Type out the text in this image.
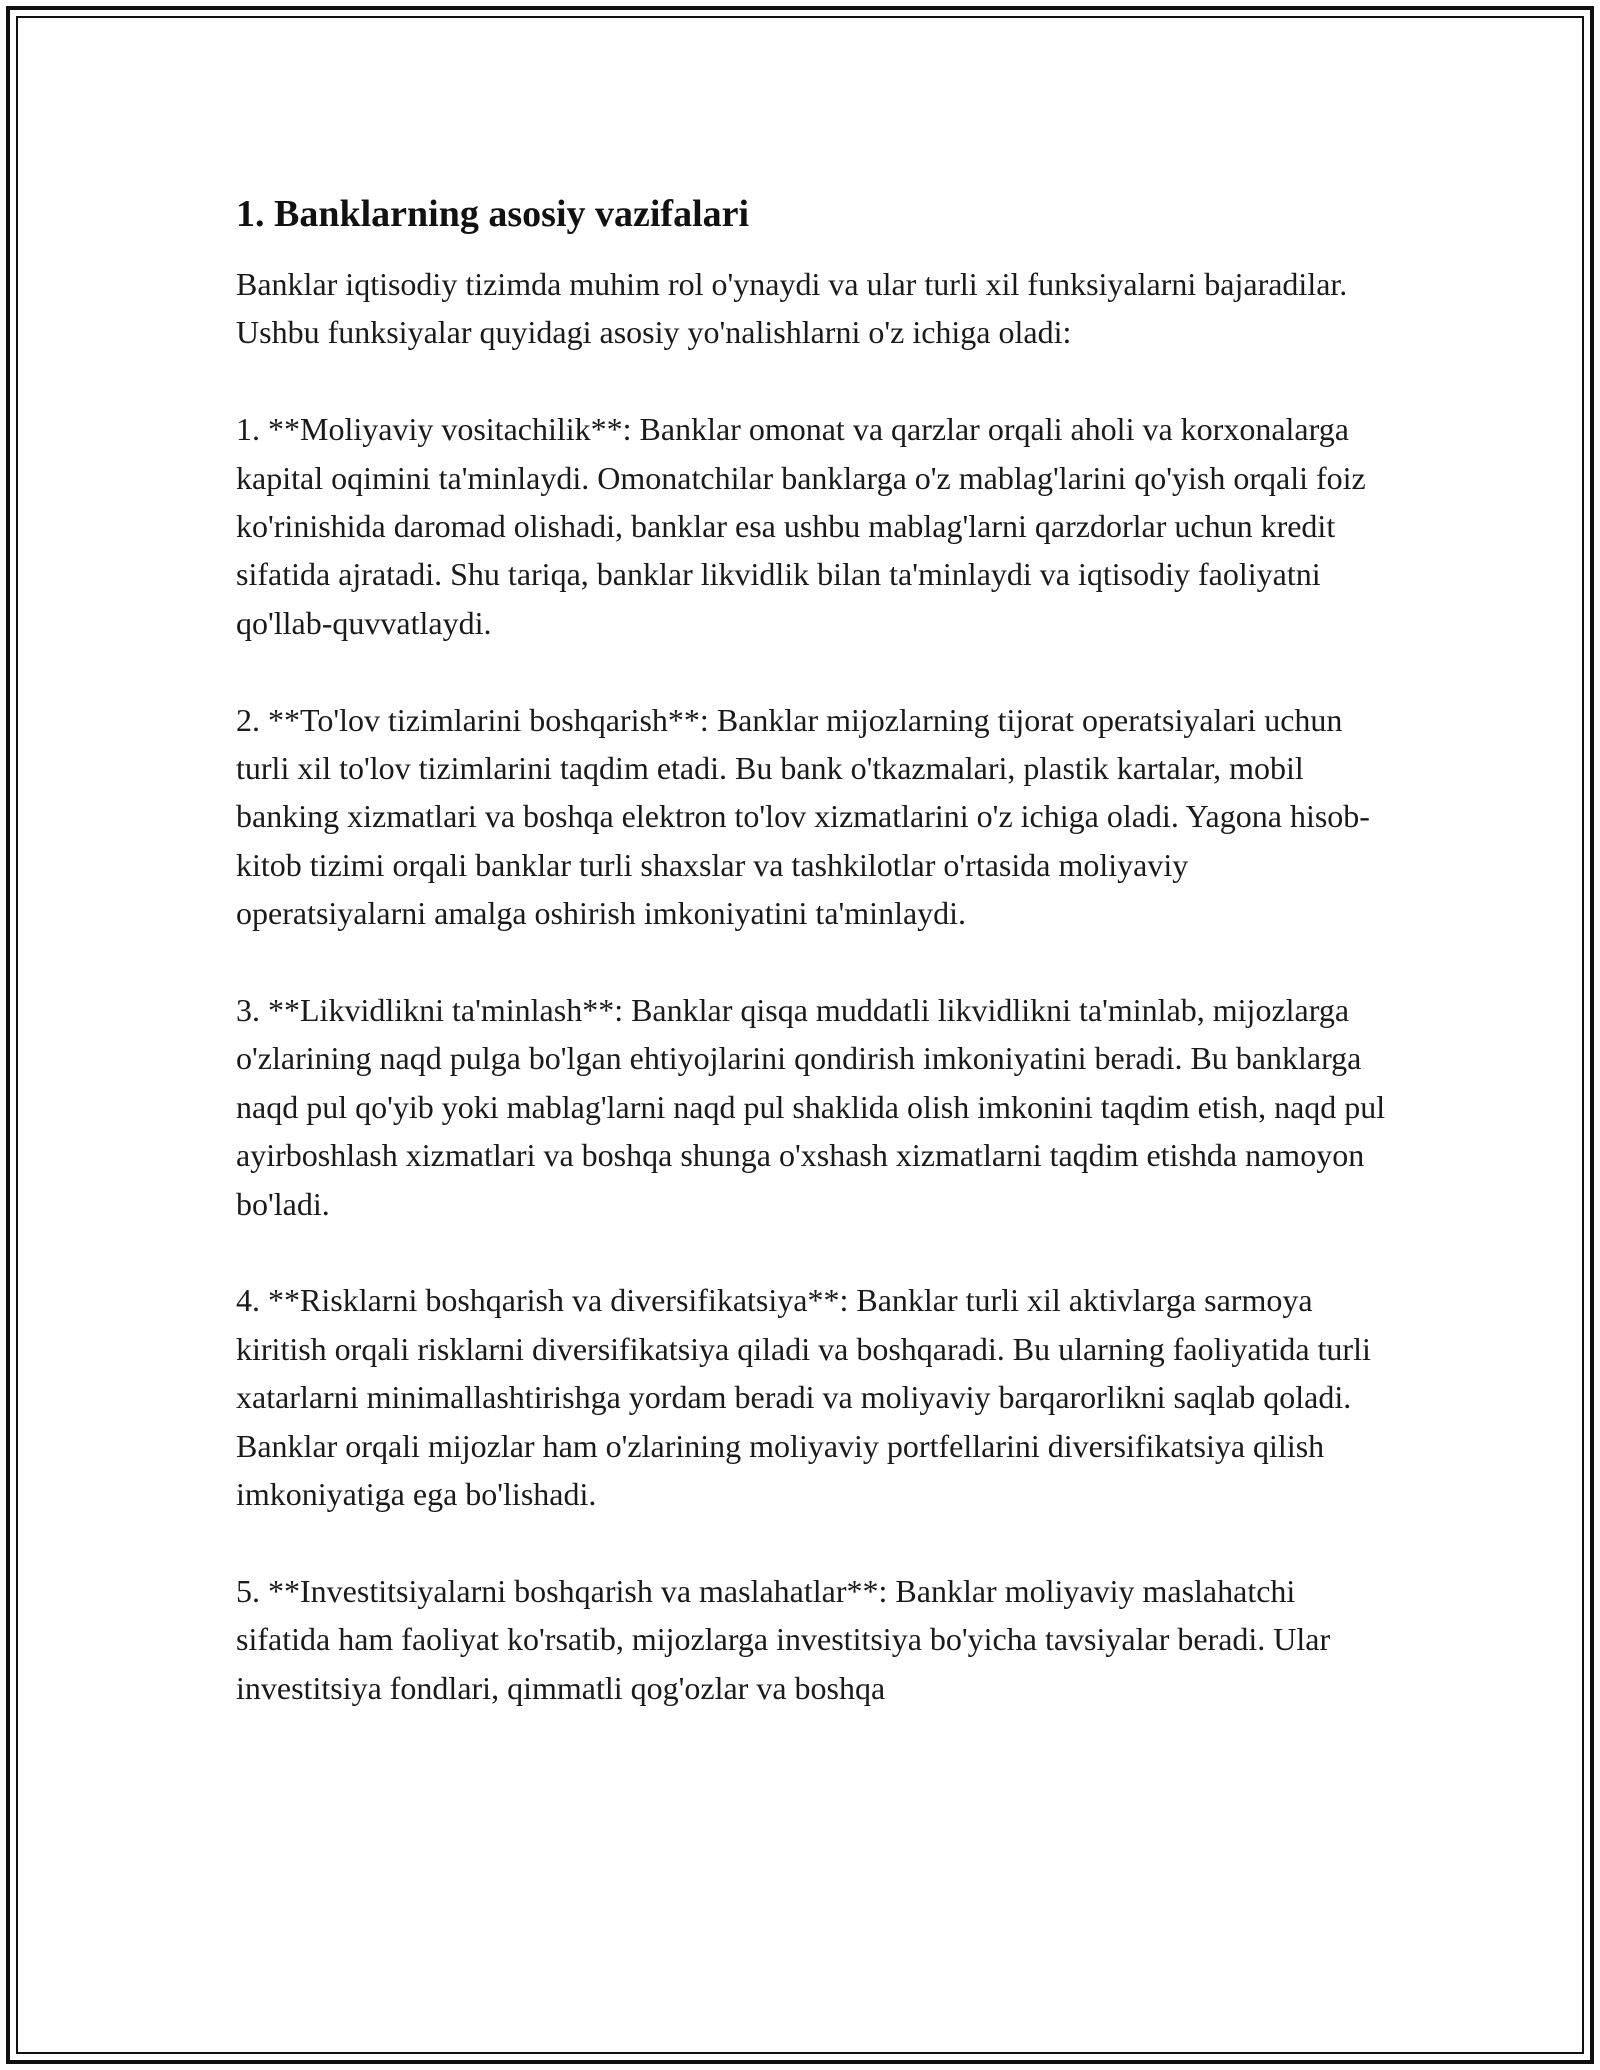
1. Banklarning asosiy vazifalari

Banklar iqtisodiy tizimda muhim rol o'ynaydi va ular turli xil funksiyalarni bajaradilar. Ushbu funksiyalar quyidagi asosiy yo'nalishlarni o'z ichiga oladi:

1. **Moliyaviy vositachilik**: Banklar omonat va qarzlar orqali aholi va korxonalarga kapital oqimini ta'minlaydi. Omonatchilar banklarga o'z mablag'larini qo'yish orqali foiz ko'rinishida daromad olishadi, banklar esa ushbu mablag'larni qarzdorlar uchun kredit sifatida ajratadi. Shu tariqa, banklar likvidlik bilan ta'minlaydi va iqtisodiy faoliyatni qo'llab-quvvatlaydi.

2. **To'lov tizimlarini boshqarish**: Banklar mijozlarning tijorat operatsiyalari uchun turli xil to'lov tizimlarini taqdim etadi. Bu bank o'tkazmalari, plastik kartalar, mobil banking xizmatlari va boshqa elektron to'lov xizmatlarini o'z ichiga oladi. Yagona hisob-kitob tizimi orqali banklar turli shaxslar va tashkilotlar o'rtasida moliyaviy operatsiyalarni amalga oshirish imkoniyatini ta'minlaydi.

3. **Likvidlikni ta'minlash**: Banklar qisqa muddatli likvidlikni ta'minlab, mijozlarga o'zlarining naqd pulga bo'lgan ehtiyojlarini qondirish imkoniyatini beradi. Bu banklarga naqd pul qo'yib yoki mablag'larni naqd pul shaklida olish imkonini taqdim etish, naqd pul ayirboshlash xizmatlari va boshqa shunga o'xshash xizmatlarni taqdim etishda namoyon bo'ladi.

4. **Risklarni boshqarish va diversifikatsiya**: Banklar turli xil aktivlarga sarmoya kiritish orqali risklarni diversifikatsiya qiladi va boshqaradi. Bu ularning faoliyatida turli xatarlarni minimallashtirishga yordam beradi va moliyaviy barqarorlikni saqlab qoladi. Banklar orqali mijozlar ham o'zlarining moliyaviy portfellarini diversifikatsiya qilish imkoniyatiga ega bo'lishadi.

5. **Investitsiyalarni boshqarish va maslahatlar**: Banklar moliyaviy maslahatchi sifatida ham faoliyat ko'rsatib, mijozlarga investitsiya bo'yicha tavsiyalar beradi. Ular investitsiya fondlari, qimmatli qog'ozlar va boshqa
